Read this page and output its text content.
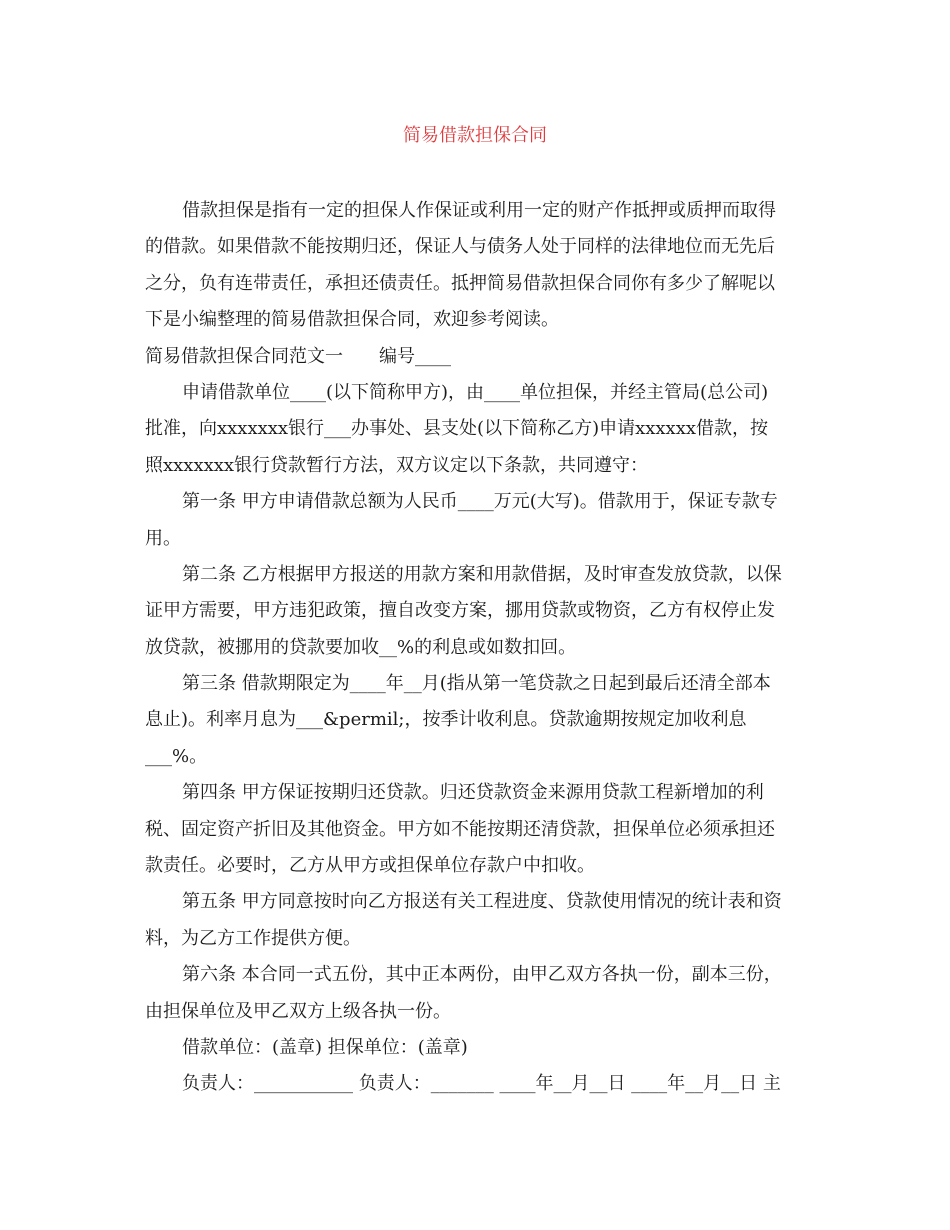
简易借款担保合同
借款担保是指有一定的担保人作保证或利用一定的财产作抵押或质押而取得
的借款。如果借款不能按期归还，保证人与债务人处于同样的法律地位而无先后
之分，负有连带责任，承担还债责任。抵押简易借款担保合同你有多少了解呢以
下是小编整理的简易借款担保合同，欢迎参考阅读。
简易借款担保合同范文一　　编号____
申请借款单位____(以下简称甲方)，由____单位担保，并经主管局(总公司)
批准，向xxxxxxx银行___办事处、县支处(以下简称乙方)申请xxxxxx借款，按
照xxxxxxx银行贷款暂行方法，双方议定以下条款，共同遵守：
第一条 甲方申请借款总额为人民币____万元(大写)。借款用于，保证专款专
用。
第二条 乙方根据甲方报送的用款方案和用款借据，及时审查发放贷款，以保
证甲方需要，甲方违犯政策，擅自改变方案，挪用贷款或物资，乙方有权停止发
放贷款，被挪用的贷款要加收__%的利息或如数扣回。
第三条 借款期限定为____年__月(指从第一笔贷款之日起到最后还清全部本
息止)。利率月息为___&permil;，按季计收利息。贷款逾期按规定加收利息
___%。
第四条 甲方保证按期归还贷款。归还贷款资金来源用贷款工程新增加的利
税、固定资产折旧及其他资金。甲方如不能按期还清贷款，担保单位必须承担还
款责任。必要时，乙方从甲方或担保单位存款户中扣收。
第五条 甲方同意按时向乙方报送有关工程进度、贷款使用情况的统计表和资
料，为乙方工作提供方便。
第六条 本合同一式五份，其中正本两份，由甲乙双方各执一份，副本三份，
由担保单位及甲乙双方上级各执一份。
借款单位：(盖章) 担保单位：(盖章)
负责人：___________ 负责人：_______ ____年__月__日 ____年__月__日 主
